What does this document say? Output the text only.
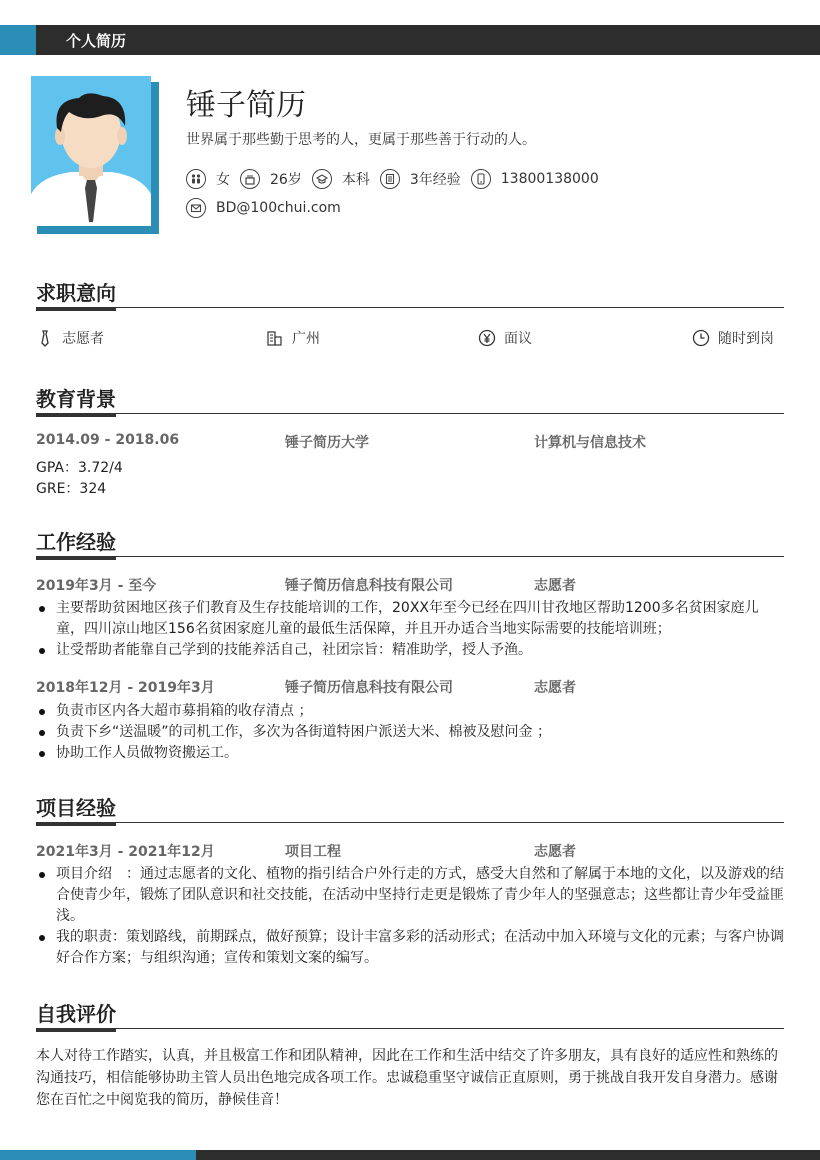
个人简历
锤子简历
世界属于那些勤于思考的人，更属于那些善于行动的人。
女	26岁	本科	3年经验	13800138000
BD@100chui.com
求职意向
志愿者	广州	面议	随时到岗
教育背景
2014.09 - 2018.06	锤子简历大学	计算机与信息技术
GPA：3.72/4
GRE：324
工作经验
2019年3月 - 至今	锤子简历信息科技有限公司	志愿者
主要帮助贫困地区孩子们教育及生存技能培训的工作，20XX年至今已经在四川甘孜地区帮助1200多名贫困家庭儿童，四川凉山地区156名贫困家庭儿童的最低生活保障，并且开办适合当地实际需要的技能培训班；
让受帮助者能靠自己学到的技能养活自己，社团宗旨：精准助学，授人予渔。
2018年12月 - 2019年3月	锤子简历信息科技有限公司	志愿者
负责市区内各大超市募捐箱的收存清点 ；
负责下乡“送温暖”的司机工作，多次为各街道特困户派送大米、棉被及慰问金 ；
协助工作人员做物资搬运工。
项目经验
2021年3月 - 2021年12月	项目工程	志愿者
项目介绍　：通过志愿者的文化、植物的指引结合户外行走的方式，感受大自然和了解属于本地的文化，以及游戏的结合使青少年，锻炼了团队意识和社交技能，在活动中坚持行走更是锻炼了青少年人的坚强意志；这些都让青少年受益匪浅。
我的职责：策划路线，前期踩点，做好预算；设计丰富多彩的活动形式；在活动中加入环境与文化的元素；与客户协调好合作方案；与组织沟通；宣传和策划文案的编写。
自我评价
本人对待工作踏实，认真，并且极富工作和团队精神，因此在工作和生活中结交了许多朋友，具有良好的适应性和熟练的沟通技巧，相信能够协助主管人员出色地完成各项工作。忠诚稳重坚守诚信正直原则，勇于挑战自我开发自身潜力。感谢您在百忙之中阅览我的简历，静候佳音！
